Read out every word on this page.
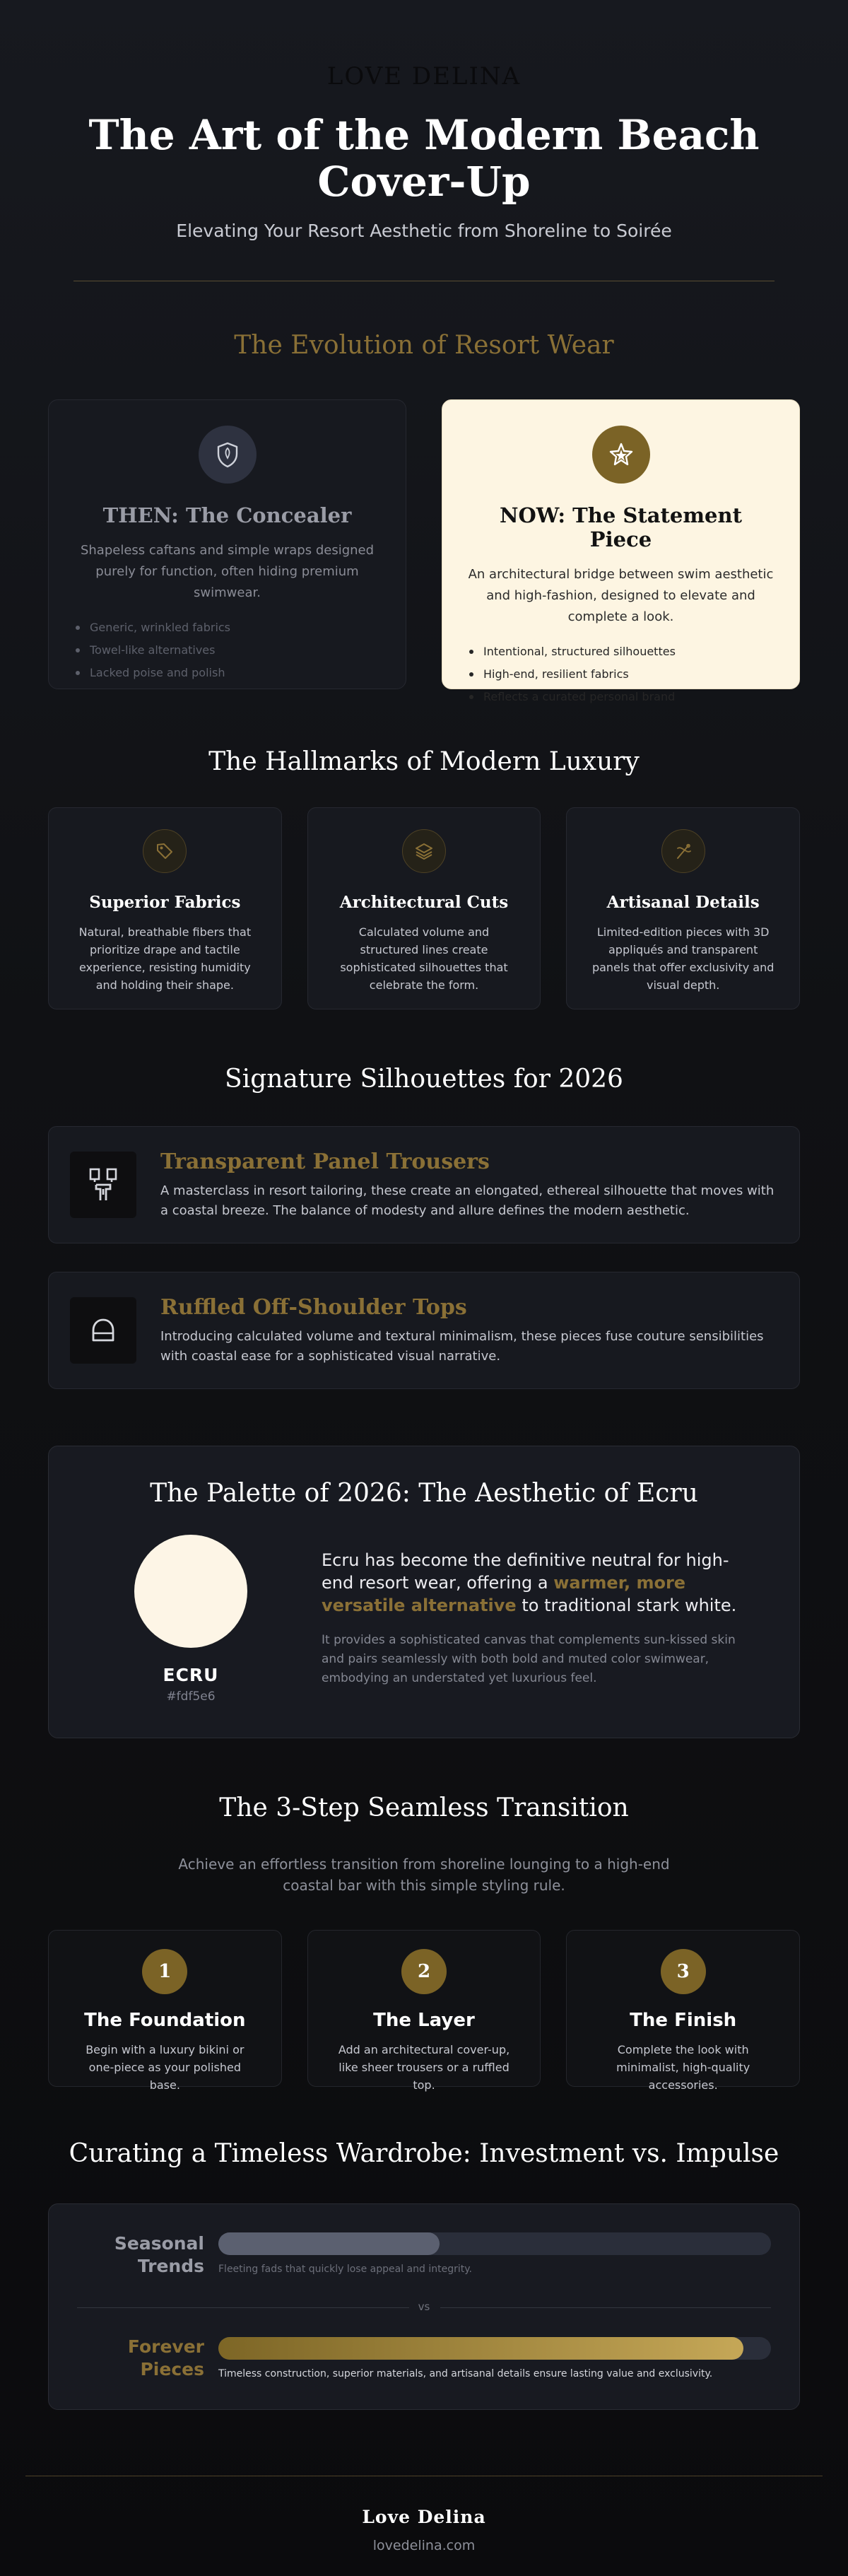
LOVE DELINA
The Art of the Modern Beach Cover-Up

Elevating Your Resort Aesthetic from Shoreline to Soirée

The Evolution of Resort Wear
THEN: The Concealer

Shapeless caftans and simple wraps designed purely for function, often hiding premium swimwear.

Generic, wrinkled fabrics
Towel-like alternatives
Lacked poise and polish
NOW: The Statement Piece

An architectural bridge between swim aesthetic and high-fashion, designed to elevate and complete a look.

Intentional, structured silhouettes
High-end, resilient fabrics
Reflects a curated personal brand
The Hallmarks of Modern Luxury
Superior Fabrics

Natural, breathable fibers that prioritize drape and tactile experience, resisting humidity and holding their shape.

Architectural Cuts

Calculated volume and structured lines create sophisticated silhouettes that celebrate the form.

Artisanal Details

Limited-edition pieces with 3D appliqués and transparent panels that offer exclusivity and visual depth.

Signature Silhouettes for 2026
Transparent Panel Trousers

A masterclass in resort tailoring, these create an elongated, ethereal silhouette that moves with a coastal breeze. The balance of modesty and allure defines the modern aesthetic.

Ruffled Off-Shoulder Tops

Introducing calculated volume and textural minimalism, these pieces fuse couture sensibilities with coastal ease for a sophisticated visual narrative.

The Palette of 2026: The Aesthetic of Ecru
ECRU
#fdf5e6

Ecru has become the definitive neutral for high-end resort wear, offering a warmer, more versatile alternative to traditional stark white.

It provides a sophisticated canvas that complements sun-kissed skin and pairs seamlessly with both bold and muted color swimwear, embodying an understated yet luxurious feel.

The 3-Step Seamless Transition

Achieve an effortless transition from shoreline lounging to a high-end coastal bar with this simple styling rule.

1
The Foundation

Begin with a luxury bikini or one-piece as your polished base.

2
The Layer

Add an architectural cover-up, like sheer trousers or a ruffled top.

3
The Finish

Complete the look with minimalist, high-quality accessories.

Curating a Timeless Wardrobe: Investment vs. Impulse
Seasonal
Trends Fleeting fads that quickly lose appeal and integrity.
vs
Forever
Pieces Timeless construction, superior materials, and artisanal details ensure lasting value and exclusivity.
Love Delina
lovedelina.com
